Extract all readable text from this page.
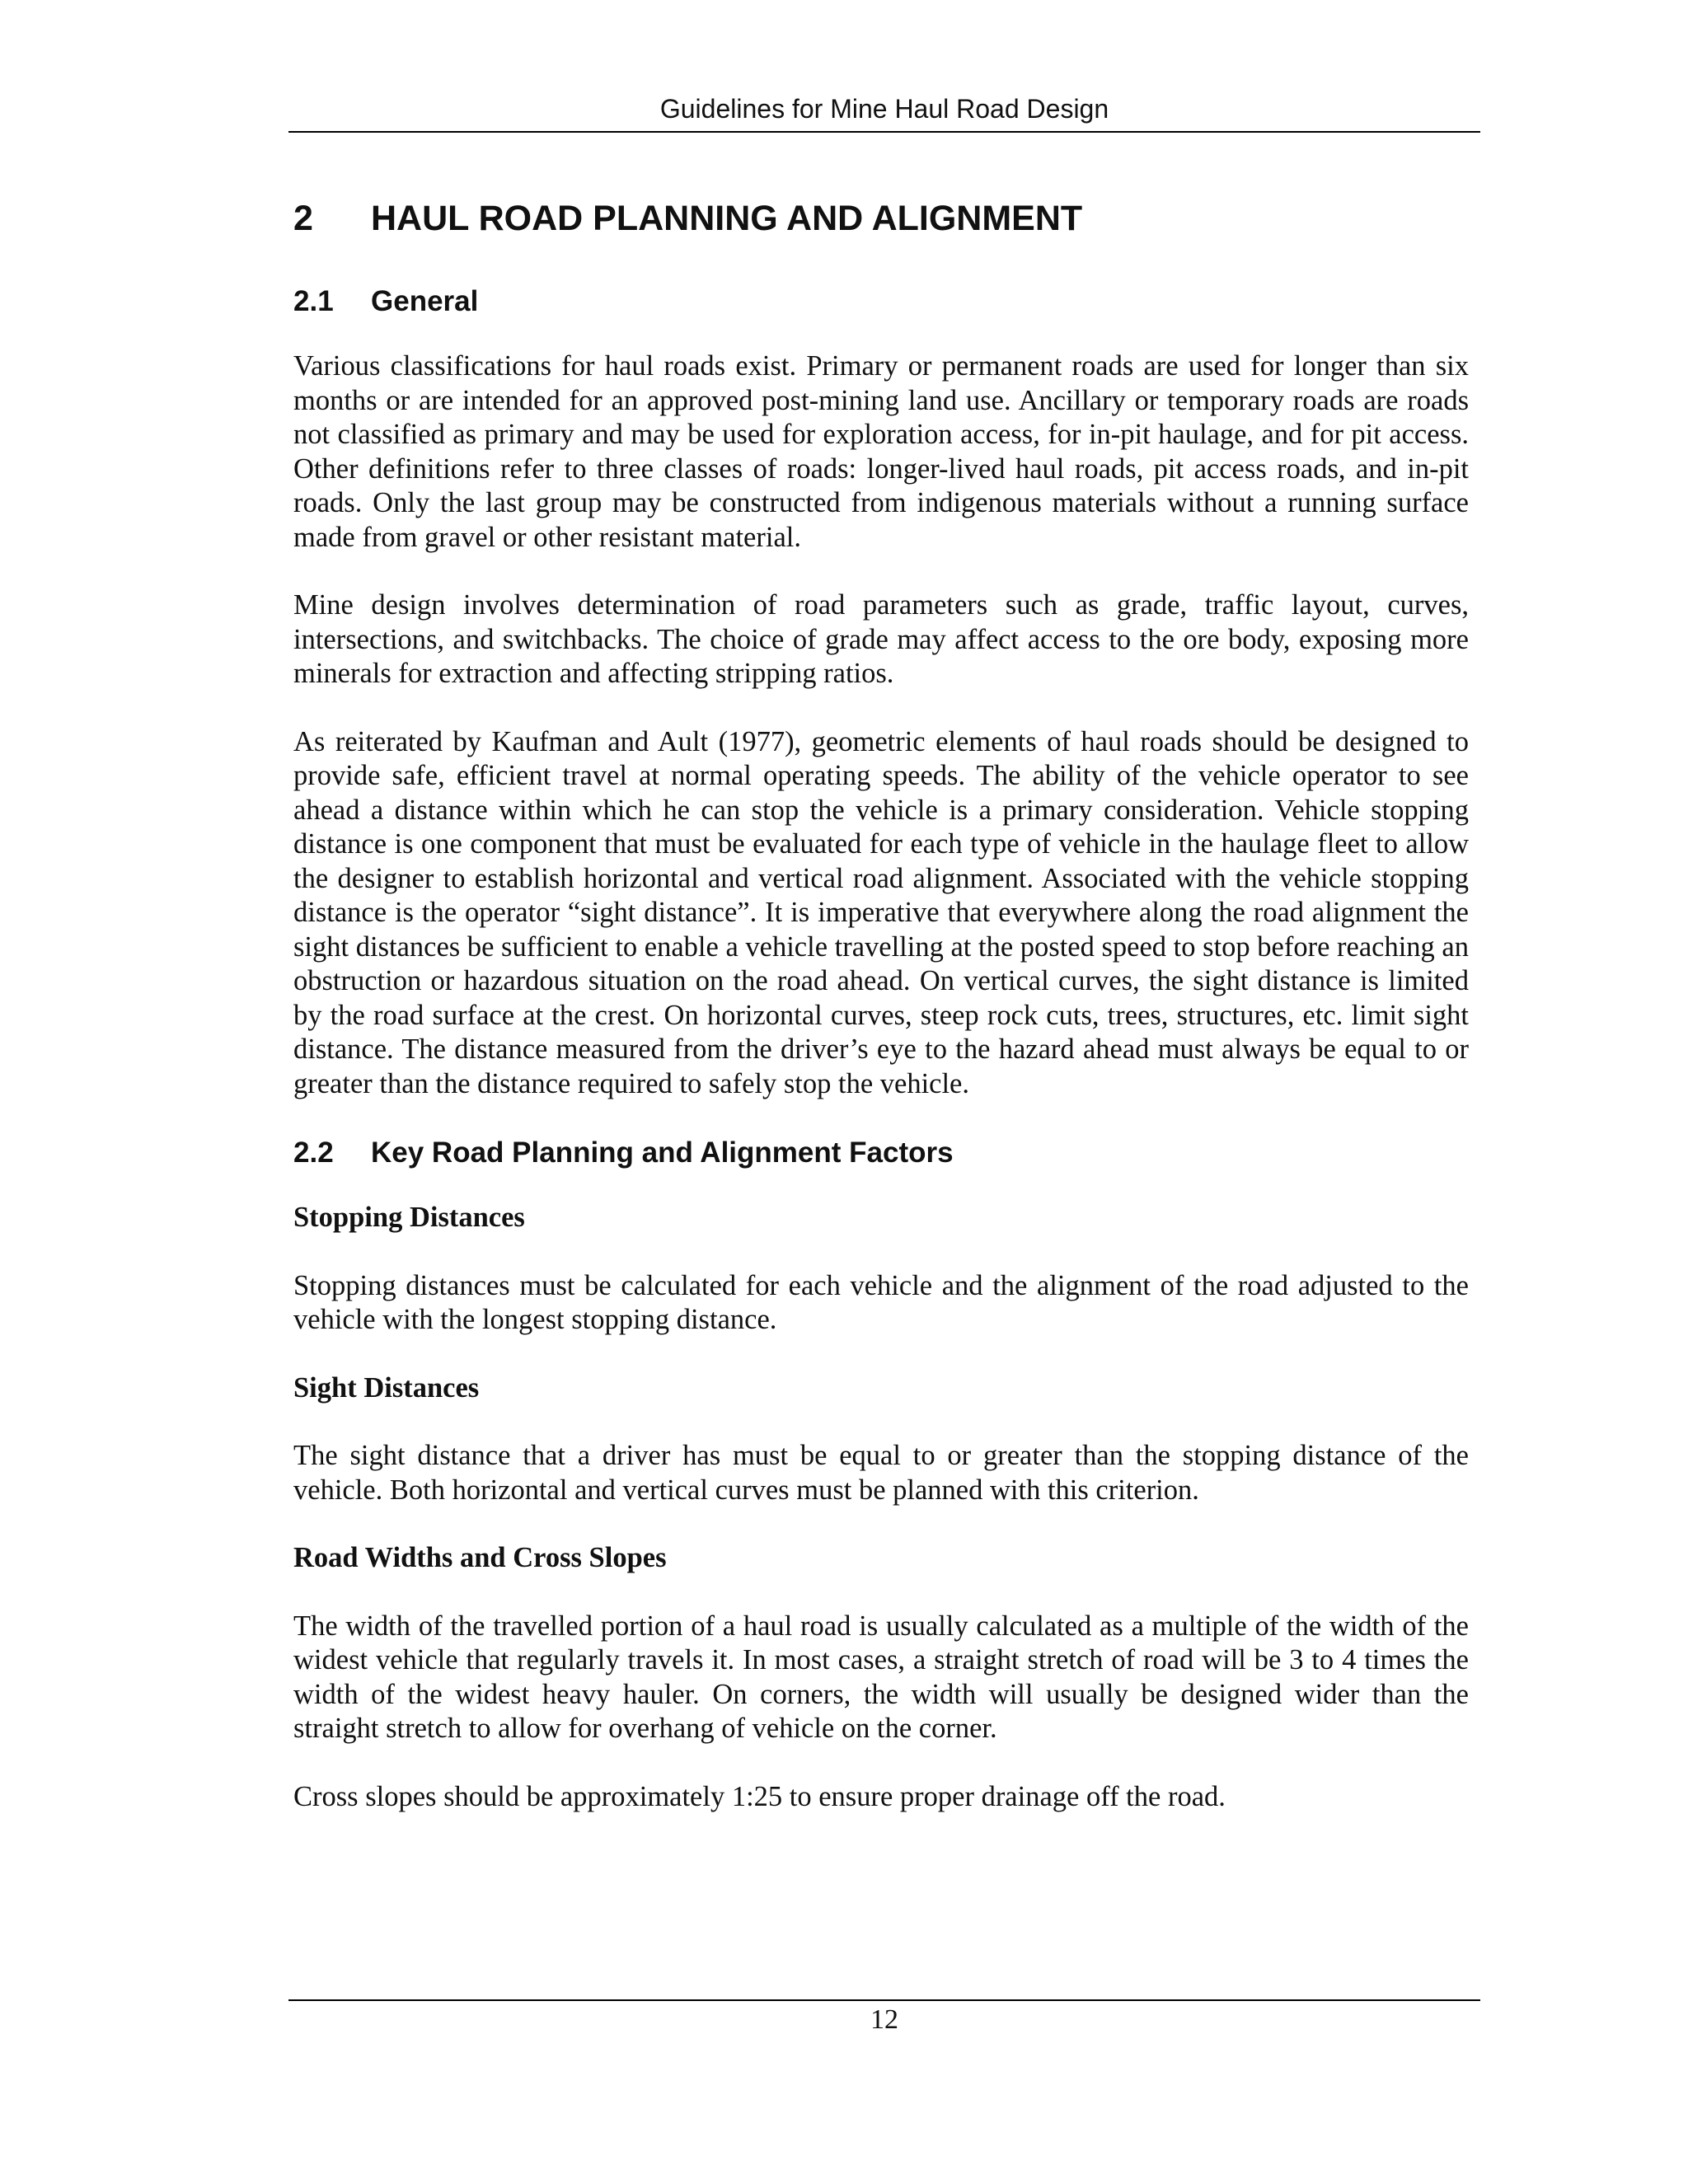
Guidelines for Mine Haul Road Design
2 HAUL ROAD PLANNING AND ALIGNMENT
2.1 General

Various classifications for haul roads exist. Primary or permanent roads are used for longer than six months or are intended for an approved post-mining land use. Ancillary or temporary roads are roads not classified as primary and may be used for exploration access, for in-pit haulage, and for pit access. Other definitions refer to three classes of roads: longer-lived haul roads, pit access roads, and in-pit roads. Only the last group may be constructed from indigenous materials without a running surface made from gravel or other resistant material.

Mine design involves determination of road parameters such as grade, traffic layout, curves, intersections, and switchbacks. The choice of grade may affect access to the ore body, exposing more minerals for extraction and affecting stripping ratios.

As reiterated by Kaufman and Ault (1977), geometric elements of haul roads should be designed to provide safe, efficient travel at normal operating speeds. The ability of the vehicle operator to see ahead a distance within which he can stop the vehicle is a primary consideration. Vehicle stopping distance is one component that must be evaluated for each type of vehicle in the haulage fleet to allow the designer to establish horizontal and vertical road alignment. Associated with the vehicle stopping distance is the operator “sight distance”. It is imperative that everywhere along the road alignment the sight distances be sufficient to enable a vehicle travelling at the posted speed to stop before reaching an obstruction or hazardous situation on the road ahead. On vertical curves, the sight distance is limited by the road surface at the crest. On horizontal curves, steep rock cuts, trees, structures, etc. limit sight distance. The distance measured from the driver’s eye to the hazard ahead must always be equal to or greater than the distance required to safely stop the vehicle.

2.2 Key Road Planning and Alignment Factors
Stopping Distances

Stopping distances must be calculated for each vehicle and the alignment of the road adjusted to the vehicle with the longest stopping distance.

Sight Distances

The sight distance that a driver has must be equal to or greater than the stopping distance of the vehicle. Both horizontal and vertical curves must be planned with this criterion.

Road Widths and Cross Slopes

The width of the travelled portion of a haul road is usually calculated as a multiple of the width of the widest vehicle that regularly travels it. In most cases, a straight stretch of road will be 3 to 4 times the width of the widest heavy hauler. On corners, the width will usually be designed wider than the straight stretch to allow for overhang of vehicle on the corner.

Cross slopes should be approximately 1:25 to ensure proper drainage off the road.

12
